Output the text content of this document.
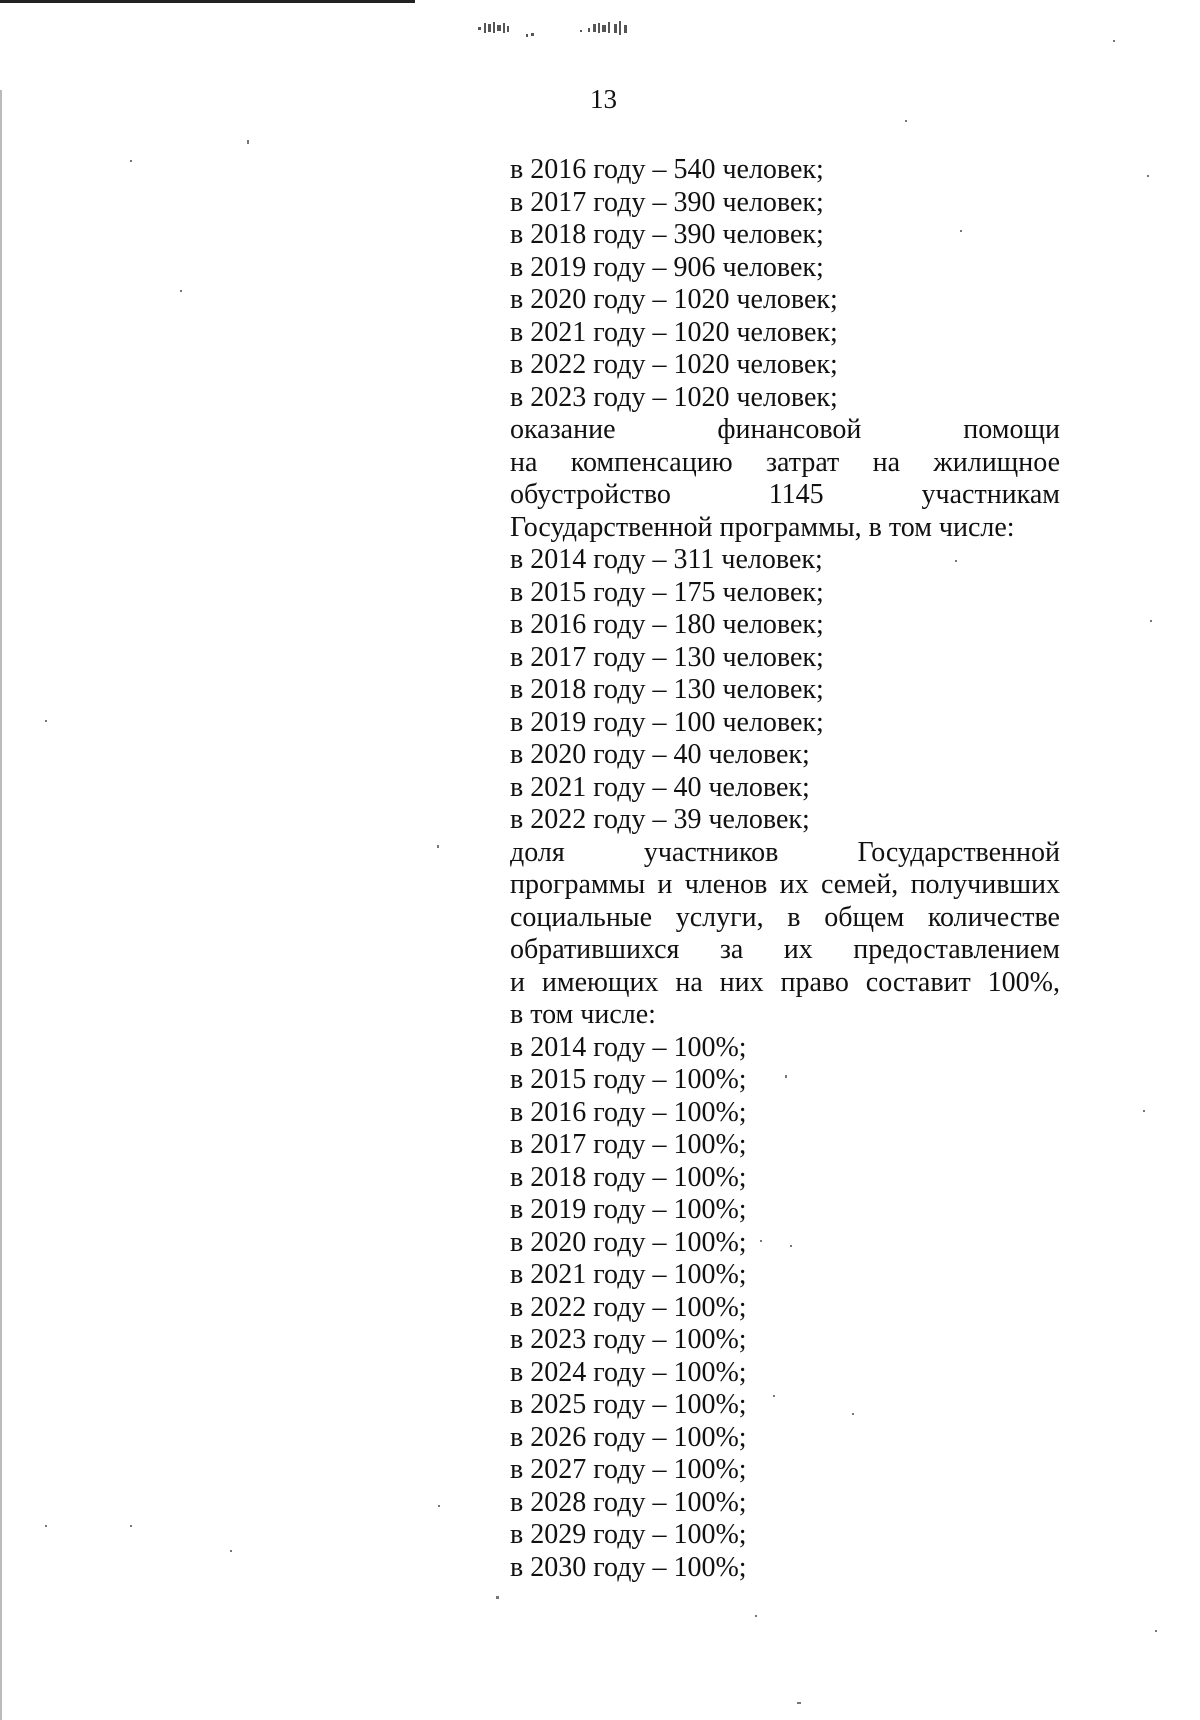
13
в 2016 году – 540 человек;
в 2017 году – 390 человек;
в 2018 году – 390 человек;
в 2019 году – 906 человек;
в 2020 году – 1020 человек;
в 2021 году – 1020 человек;
в 2022 году – 1020 человек;
в 2023 году – 1020 человек;
оказание финансовой помощи
на компенсацию затрат на жилищное
обустройство 1145 участникам
Государственной программы, в том числе:
в 2014 году – 311 человек;
в 2015 году – 175 человек;
в 2016 году – 180 человек;
в 2017 году – 130 человек;
в 2018 году – 130 человек;
в 2019 году – 100 человек;
в 2020 году – 40 человек;
в 2021 году – 40 человек;
в 2022 году – 39 человек;
доля участников Государственной
программы и членов их семей, получивших
социальные услуги, в общем количестве
обратившихся за их предоставлением
и имеющих на них право составит 100%,
в том числе:
в 2014 году – 100%;
в 2015 году – 100%;
в 2016 году – 100%;
в 2017 году – 100%;
в 2018 году – 100%;
в 2019 году – 100%;
в 2020 году – 100%;
в 2021 году – 100%;
в 2022 году – 100%;
в 2023 году – 100%;
в 2024 году – 100%;
в 2025 году – 100%;
в 2026 году – 100%;
в 2027 году – 100%;
в 2028 году – 100%;
в 2029 году – 100%;
в 2030 году – 100%;
